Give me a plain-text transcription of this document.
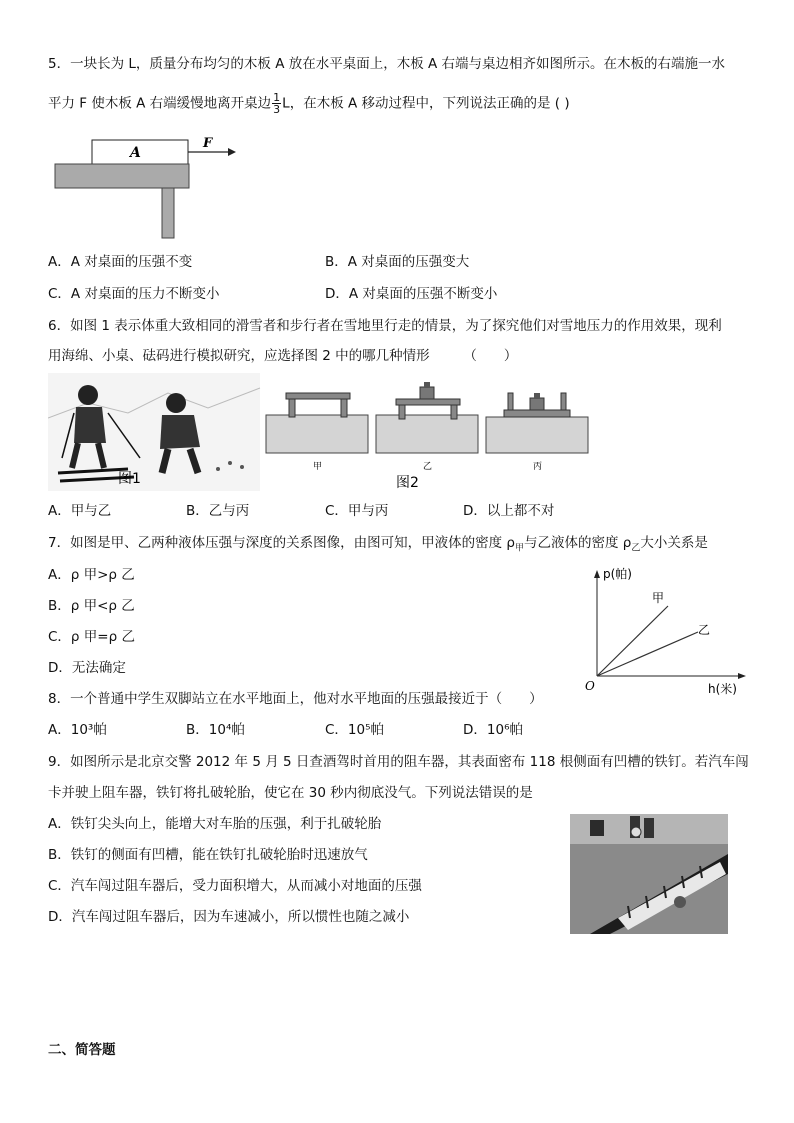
5．一块长为 L，质量分布均匀的木板 A 放在水平桌面上，木板 A 右端与桌边相齐如图所示。在木板的右端施一水
平力 F 使木板 A 右端缓慢地离开桌边 $\frac{1}{3}$ L，在木板 A 移动过程中，下列说法正确的是 ( )
A
F
A．A 对桌面的压强不变	B．A 对桌面的压强变大
C．A 对桌面的压力不断变小	D．A 对桌面的压强不断变小
6．如图 1 表示体重大致相同的滑雪者和步行者在雪地里行走的情景，为了探究他们对雪地压力的作用效果，现利
用海绵、小桌、砝码进行模拟研究，应选择图 2 中的哪几种情形　　　（　　）
图1
甲	乙	丙
图2
A．甲与乙	B．乙与丙	C．甲与丙	D．以上都不对
7．如图是甲、乙两种液体压强与深度的关系图像，由图可知，甲液体的密度 $\rho_甲$与乙液体的密度 $\rho_乙$大小关系是
A．ρ 甲>ρ 乙
B．ρ 甲<ρ 乙
C．ρ 甲=ρ 乙
D．无法确定
p(帕)
h(米)
O
甲
乙
8．一个普通中学生双脚站立在水平地面上，他对水平地面的压强最接近于（　　）
A．10³帕	B．10⁴帕	C．10⁵帕	D．10⁶帕
9．如图所示是北京交警 2012 年 5 月 5 日查酒驾时首用的阻车器，其表面密布 118 根侧面有凹槽的铁钉。若汽车闯
卡并驶上阻车器，铁钉将扎破轮胎，使它在 30 秒内彻底没气。下列说法错误的是
A．铁钉尖头向上，能增大对车胎的压强，利于扎破轮胎
B．铁钉的侧面有凹槽，能在铁钉扎破轮胎时迅速放气
C．汽车闯过阻车器后，受力面积增大，从而减小对地面的压强
D．汽车闯过阻车器后，因为车速减小，所以惯性也随之减小
二、简答题
